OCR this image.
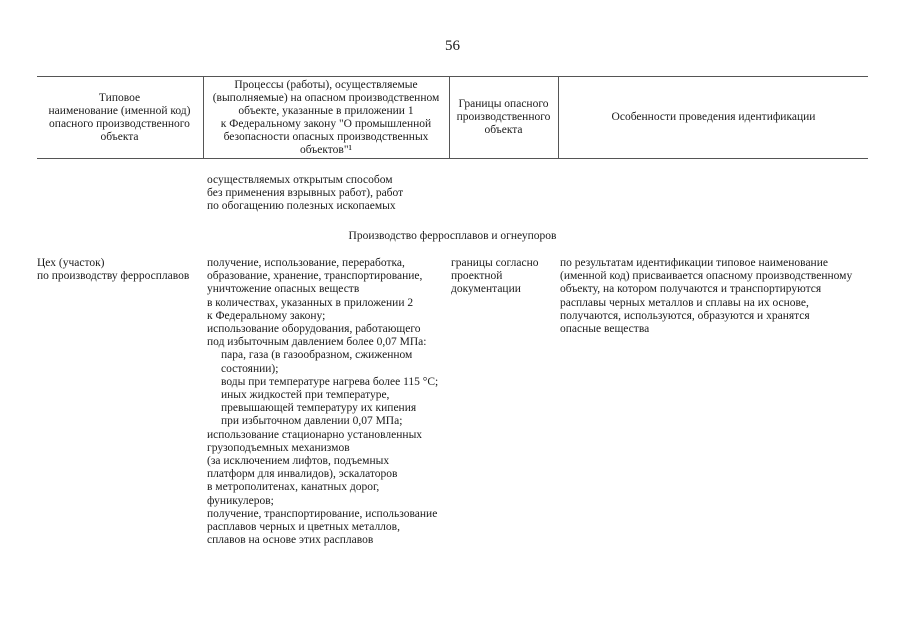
56
Типовое
наименование (именной код)
опасного производственного
объекта
Процессы (работы), осуществляемые
(выполняемые) на опасном производственном
объекте, указанные в приложении 1
к Федеральному закону "О промышленной
безопасности опасных производственных
объектов"¹
Границы опасного
производственного
объекта
Особенности проведения идентификации
осуществляемых открытым способом
без применения взрывных работ), работ
по обогащению полезных ископаемых
Производство ферросплавов и огнеупоров
Цех (участок)
по производству ферросплавов
получение, использование, переработка,
образование, хранение, транспортирование,
уничтожение опасных веществ
в количествах, указанных в приложении 2
к Федеральному закону;
использование оборудования, работающего
под избыточным давлением более 0,07 МПа:
пара, газа (в газообразном, сжиженном
состоянии);
воды при температуре нагрева более 115 °C;
иных жидкостей при температуре,
превышающей температуру их кипения
при избыточном давлении 0,07 МПа;
использование стационарно установленных
грузоподъемных механизмов
(за исключением лифтов, подъемных
платформ для инвалидов), эскалаторов
в метрополитенах, канатных дорог,
фуникулеров;
получение, транспортирование, использование
расплавов черных и цветных металлов,
сплавов на основе этих расплавов
границы согласно
проектной
документации
по результатам идентификации типовое наименование
(именной код) присваивается опасному производственному
объекту, на котором получаются и транспортируются
расплавы черных металлов и сплавы на их основе,
получаются, используются, образуются и хранятся
опасные вещества
